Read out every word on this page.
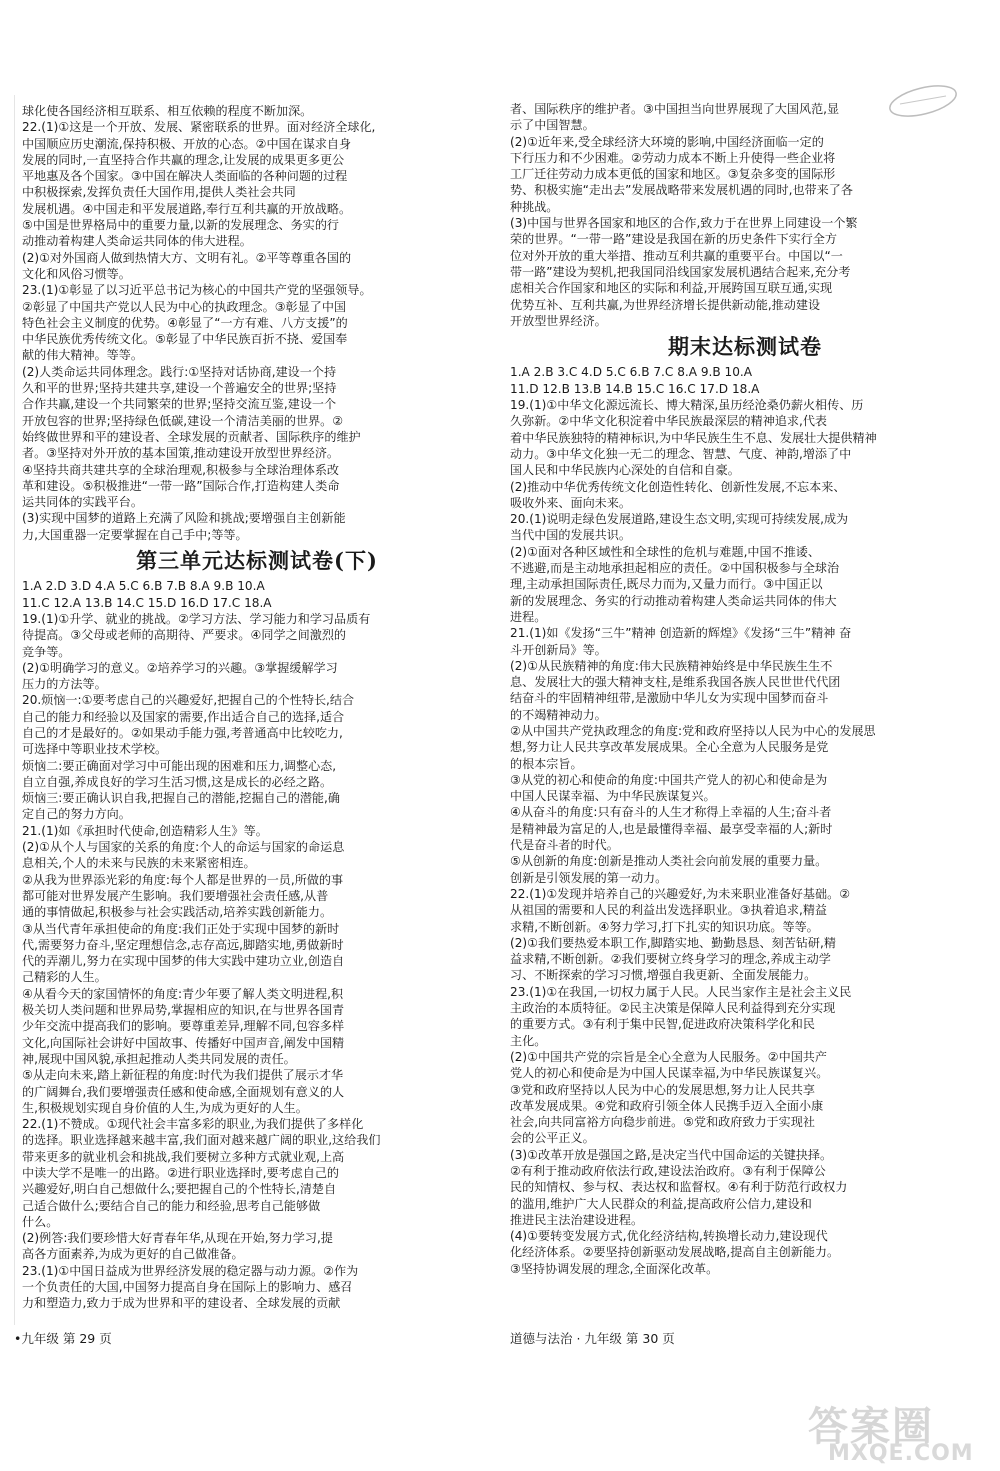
球化使各国经济相互联系、相互依赖的程度不断加深。
22.(1)①这是一个开放、发展、紧密联系的世界。面对经济全球化,
中国顺应历史潮流,保持积极、开放的心态。②中国在谋求自身
发展的同时,一直坚持合作共赢的理念,让发展的成果更多更公
平地惠及各个国家。③中国在解决人类面临的各种问题的过程
中积极探索,发挥负责任大国作用,提供人类社会共同
发展机遇。④中国走和平发展道路,奉行互利共赢的开放战略。
⑤中国是世界格局中的重要力量,以新的发展理念、务实的行
动推动着构建人类命运共同体的伟大进程。
(2)①对外国商人做到热情大方、文明有礼。②平等尊重各国的
文化和风俗习惯等。
23.(1)①彰显了以习近平总书记为核心的中国共产党的坚强领导。
②彰显了中国共产党以人民为中心的执政理念。③彰显了中国
特色社会主义制度的优势。④彰显了“一方有难、八方支援”的
中华民族优秀传统文化。⑤彰显了中华民族百折不挠、爱国奉
献的伟大精神。等等。
(2)人类命运共同体理念。践行:①坚持对话协商,建设一个持
久和平的世界;坚持共建共享,建设一个普遍安全的世界;坚持
合作共赢,建设一个共同繁荣的世界;坚持交流互鉴,建设一个
开放包容的世界;坚持绿色低碳,建设一个清洁美丽的世界。②
始终做世界和平的建设者、全球发展的贡献者、国际秩序的维护
者。③坚持对外开放的基本国策,推动建设开放型世界经济。
④坚持共商共建共享的全球治理观,积极参与全球治理体系改
革和建设。⑤积极推进“一带一路”国际合作,打造构建人类命
运共同体的实践平台。
(3)实现中国梦的道路上充满了风险和挑战;要增强自主创新能
力,大国重器一定要掌握在自己手中;等等。
第三单元达标测试卷(下)
1.A 2.D 3.D 4.A 5.C 6.B 7.B 8.A 9.B 10.A
11.C 12.A 13.B 14.C 15.D 16.D 17.C 18.A
19.(1)①升学、就业的挑战。②学习方法、学习能力和学习品质有
待提高。③父母或老师的高期待、严要求。④同学之间激烈的
竞争等。
(2)①明确学习的意义。②培养学习的兴趣。③掌握缓解学习
压力的方法等。
20.烦恼一:①要考虑自己的兴趣爱好,把握自己的个性特长,结合
自己的能力和经验以及国家的需要,作出适合自己的选择,适合
自己的才是最好的。②如果动手能力强,考普通高中比较吃力,
可选择中等职业技术学校。
烦恼二:要正确面对学习中可能出现的困难和压力,调整心态,
自立自强,养成良好的学习生活习惯,这是成长的必经之路。
烦恼三:要正确认识自我,把握自己的潜能,挖掘自己的潜能,确
定自己的努力方向。
21.(1)如《承担时代使命,创造精彩人生》等。
(2)①从个人与国家的关系的角度:个人的命运与国家的命运息
息相关,个人的未来与民族的未来紧密相连。
②从我为世界添光彩的角度:每个人都是世界的一员,所做的事
都可能对世界发展产生影响。我们要增强社会责任感,从普
通的事情做起,积极参与社会实践活动,培养实践创新能力。
③从当代青年承担使命的角度:我们正处于实现中国梦的新时
代,需要努力奋斗,坚定理想信念,志存高远,脚踏实地,勇做新时
代的弄潮儿,努力在实现中国梦的伟大实践中建功立业,创造自
己精彩的人生。
④从看今天的家国情怀的角度:青少年要了解人类文明进程,积
极关切人类问题和世界局势,掌握相应的知识,在与世界各国青
少年交流中提高我们的影响。要尊重差异,理解不同,包容多样
文化,向国际社会讲好中国故事、传播好中国声音,阐发中国精
神,展现中国风貌,承担起推动人类共同发展的责任。
⑤从走向未来,踏上新征程的角度:时代为我们提供了展示才华
的广阔舞台,我们要增强责任感和使命感,全面规划有意义的人
生,积极规划实现自身价值的人生,为成为更好的人生。
22.(1)不赞成。①现代社会丰富多彩的职业,为我们提供了多样化
的选择。职业选择越来越丰富,我们面对越来越广阔的职业,这给我们
带来更多的就业机会和挑战,我们要树立多种方式就业观,上高
中读大学不是唯一的出路。②进行职业选择时,要考虑自己的
兴趣爱好,明白自己想做什么;要把握自己的个性特长,清楚自
己适合做什么;要结合自己的能力和经验,思考自己能够做
什么。
(2)例答:我们要珍惜大好青春年华,从现在开始,努力学习,提
高各方面素养,为成为更好的自己做准备。
23.(1)①中国日益成为世界经济发展的稳定器与动力源。②作为
一个负责任的大国,中国努力提高自身在国际上的影响力、感召
力和塑造力,致力于成为世界和平的建设者、全球发展的贡献
者、国际秩序的维护者。③中国担当向世界展现了大国风范,显
示了中国智慧。
(2)①近年来,受全球经济大环境的影响,中国经济面临一定的
下行压力和不少困难。②劳动力成本不断上升使得一些企业将
工厂迁往劳动力成本更低的国家和地区。③复杂多变的国际形
势、积极实施“走出去”发展战略带来发展机遇的同时,也带来了各
种挑战。
(3)中国与世界各国家和地区的合作,致力于在世界上同建设一个繁
荣的世界。“一带一路”建设是我国在新的历史条件下实行全方
位对外开放的重大举措、推动互利共赢的重要平台。中国以“一
带一路”建设为契机,把我国同沿线国家发展机遇结合起来,充分考
虑相关合作国家和地区的实际和利益,开展跨国互联互通,实现
优势互补、互利共赢,为世界经济增长提供新动能,推动建设
开放型世界经济。
期末达标测试卷
1.A 2.B 3.C 4.D 5.C 6.B 7.C 8.A 9.B 10.A
11.D 12.B 13.B 14.B 15.C 16.C 17.D 18.A
19.(1)①中华文化源远流长、博大精深,虽历经沧桑仍薪火相传、历
久弥新。②中华文化积淀着中华民族最深层的精神追求,代表
着中华民族独特的精神标识,为中华民族生生不息、发展壮大提供精神
动力。③中华文化独一无二的理念、智慧、气度、神韵,增添了中
国人民和中华民族内心深处的自信和自豪。
(2)推动中华优秀传统文化创造性转化、创新性发展,不忘本来、
吸收外来、面向未来。
20.(1)说明走绿色发展道路,建设生态文明,实现可持续发展,成为
当代中国的发展共识。
(2)①面对各种区域性和全球性的危机与难题,中国不推诿、
不逃避,而是主动地承担起相应的责任。②中国积极参与全球治
理,主动承担国际责任,既尽力而为,又量力而行。③中国正以
新的发展理念、务实的行动推动着构建人类命运共同体的伟大
进程。
21.(1)如《发扬“三牛”精神 创造新的辉煌》《发扬“三牛”精神 奋
斗开创新局》等。
(2)①从民族精神的角度:伟大民族精神始终是中华民族生生不
息、发展壮大的强大精神支柱,是维系我国各族人民世世代代团
结奋斗的牢固精神纽带,是激励中华儿女为实现中国梦而奋斗
的不竭精神动力。
②从中国共产党执政理念的角度:党和政府坚持以人民为中心的发展思
想,努力让人民共享改革发展成果。全心全意为人民服务是党
的根本宗旨。
③从党的初心和使命的角度:中国共产党人的初心和使命是为
中国人民谋幸福、为中华民族谋复兴。
④从奋斗的角度:只有奋斗的人生才称得上幸福的人生;奋斗者
是精神最为富足的人,也是最懂得幸福、最享受幸福的人;新时
代是奋斗者的时代。
⑤从创新的角度:创新是推动人类社会向前发展的重要力量。
创新是引领发展的第一动力。
22.(1)①发现并培养自己的兴趣爱好,为未来职业准备好基础。②
从祖国的需要和人民的利益出发选择职业。③执着追求,精益
求精,不断创新。④努力学习,打下扎实的知识功底。等等。
(2)①我们要热爱本职工作,脚踏实地、勤勤恳恳、刻苦钻研,精
益求精,不断创新。②我们要树立终身学习的理念,养成主动学
习、不断探索的学习习惯,增强自我更新、全面发展能力。
23.(1)①在我国,一切权力属于人民。人民当家作主是社会主义民
主政治的本质特征。②民主决策是保障人民利益得到充分实现
的重要方式。③有利于集中民智,促进政府决策科学化和民
主化。
(2)①中国共产党的宗旨是全心全意为人民服务。②中国共产
党人的初心和使命是为中国人民谋幸福,为中华民族谋复兴。
③党和政府坚持以人民为中心的发展思想,努力让人民共享
改革发展成果。④党和政府引领全体人民携手迈入全面小康
社会,向共同富裕方向稳步前进。⑤党和政府致力于实现社
会的公平正义。
(3)①改革开放是强国之路,是决定当代中国命运的关键抉择。
②有利于推动政府依法行政,建设法治政府。③有利于保障公
民的知情权、参与权、表达权和监督权。④有利于防范行政权力
的滥用,维护广大人民群众的利益,提高政府公信力,建设和
推进民主法治建设进程。
(4)①要转变发展方式,优化经济结构,转换增长动力,建设现代
化经济体系。②要坚持创新驱动发展战略,提高自主创新能力。
③坚持协调发展的理念,全面深化改革。
•九年级 第 29 页	道德与法治 · 九年级 第 30 页
答案圈
MXQE.COM
